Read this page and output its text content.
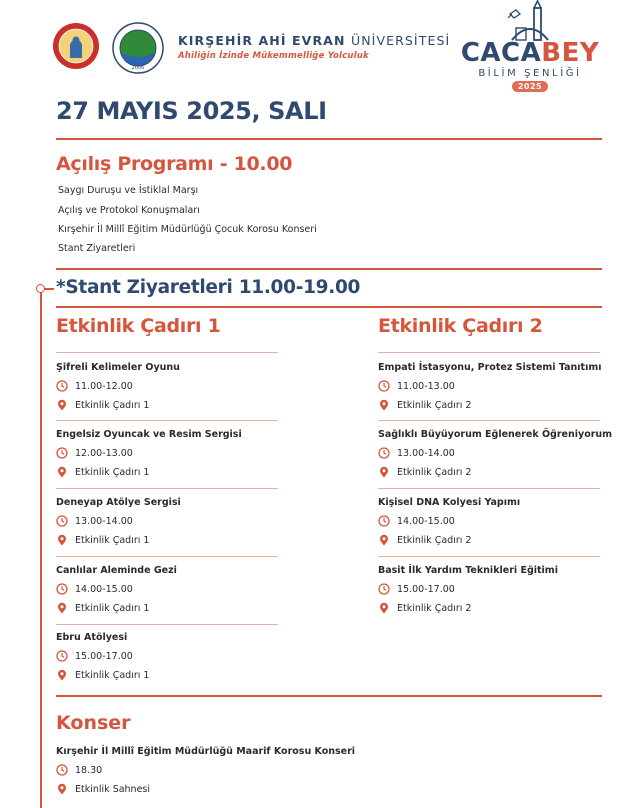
2006
KIRŞEHİR AHİ EVRAN ÜNİVERSİTESİ
Ahiliğin İzinde Mükemmelliğe Yolculuk	CACABEY
BİLİM ŞENLİĞİ
2025
27 MAYIS 2025, SALI
Açılış Programı - 10.00
Saygı Duruşu ve İstiklal Marşı
Açılış ve Protokol Konuşmaları
Kırşehir İl Millî Eğitim Müdürlüğü Çocuk Korosu Konseri
Stant Ziyaretleri
*Stant Ziyaretleri 11.00-19.00
Etkinlik Çadırı 1
Şifreli Kelimeler Oyunu
11.00-12.00
Etkinlik Çadırı 1
Engelsiz Oyuncak ve Resim Sergisi
12.00-13.00
Etkinlik Çadırı 1
Deneyap Atölye Sergisi
13.00-14.00
Etkinlik Çadırı 1
Canlılar Aleminde Gezi
14.00-15.00
Etkinlik Çadırı 1
Ebru Atölyesi
15.00-17.00
Etkinlik Çadırı 1
Etkinlik Çadırı 2
Empati İstasyonu, Protez Sistemi Tanıtımı
11.00-13.00
Etkinlik Çadırı 2
Sağlıklı Büyüyorum Eğlenerek Öğreniyorum
13.00-14.00
Etkinlik Çadırı 2
Kişisel DNA Kolyesi Yapımı
14.00-15.00
Etkinlik Çadırı 2
Basit İlk Yardım Teknikleri Eğitimi
15.00-17.00
Etkinlik Çadırı 2
Konser
Kırşehir İl Millî Eğitim Müdürlüğü Maarif Korosu Konseri
18.30
Etkinlik Sahnesi
